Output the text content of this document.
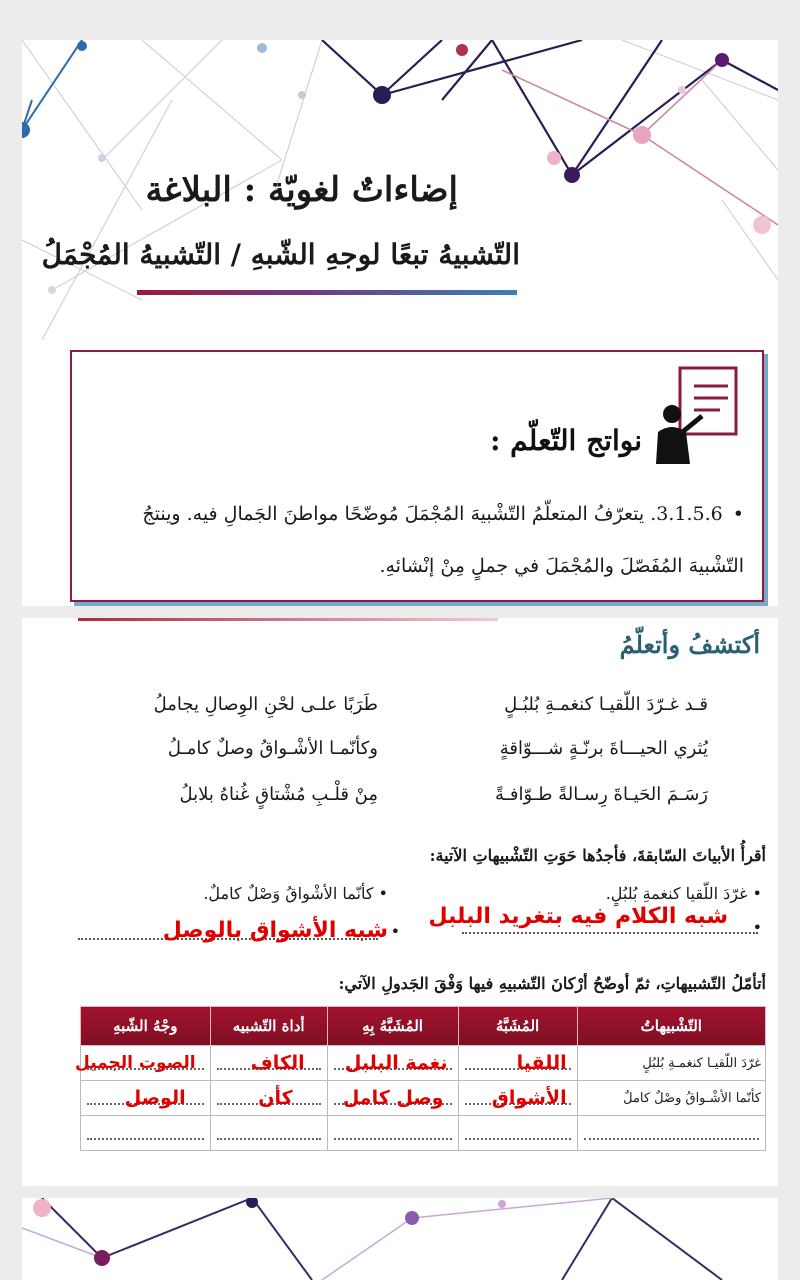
إضاءاتٌ لغويّة : البلاغة
التّشبيهُ تبعًا لوجهِ الشّبهِ / التّشبيهُ المُجْمَلُ
نواتج التّعلّم :
•3.1.5.6. يتعرّفُ المتعلّمُ التّشْبيهَ المُجْمَلَ مُوضّحًا مواطنَ الجَمالِ فيه. وينتجُ التّشْبيهَ المُفَصّلَ والمُجْمَلَ في جملٍ مِنْ إنْشائهِ.
أكتشفُ وأتعلّمُ
قـد غـرّدَ اللّقيـا كنغمـةِ بُلبُـلٍ
طَرَبًا علـى لحْنِ الوِصالِ يجاملُ
يُثري الحيـــاةَ برنّـةٍ شـــوّاقةٍ
وكأنّمـا الأشْـواقُ وصلٌ كامـلُ
رَسَـمَ الحَيـاةَ رِسـالةً طـوّافـةً
مِنْ قلْـبِ مُشْتاقٍ غُناهُ بلابلُ
أقرأُ الأبياتَ السّابقةَ، فأجدُها حَوَتِ التّشْبيهاتِ الآتية:
• غرّدَ اللّقيا كنغمةِ بُلبُلٍ.
• كأنّما الأشْواقُ وَصْلٌ كاملٌ.
شبه الكلام فيه بتغريد البلبل
شبه الأشواق بالوصل	•
•
أتأمّلُ التّشبيهاتِ، ثمّ أوضّحُ أرْكانَ التّشبيهِ فيها وَفْقَ الجَدولِ الآتي:
التّشْبيهاتُ	المُشَبَّهُ	المُشَبَّهُ بِهِ	أداة التّشبيه	وجْهُ الشّبهِ
غرّدَ اللّقيـا كنغمـةِ بُلبُلٍ	اللقيا	نغمة البلبل	الكاف	الصوت الجميل
كأنّما الأشْـواقُ وصْلٌ كاملٌ	الأشواق	وصل كامل	كأن	الوصل
